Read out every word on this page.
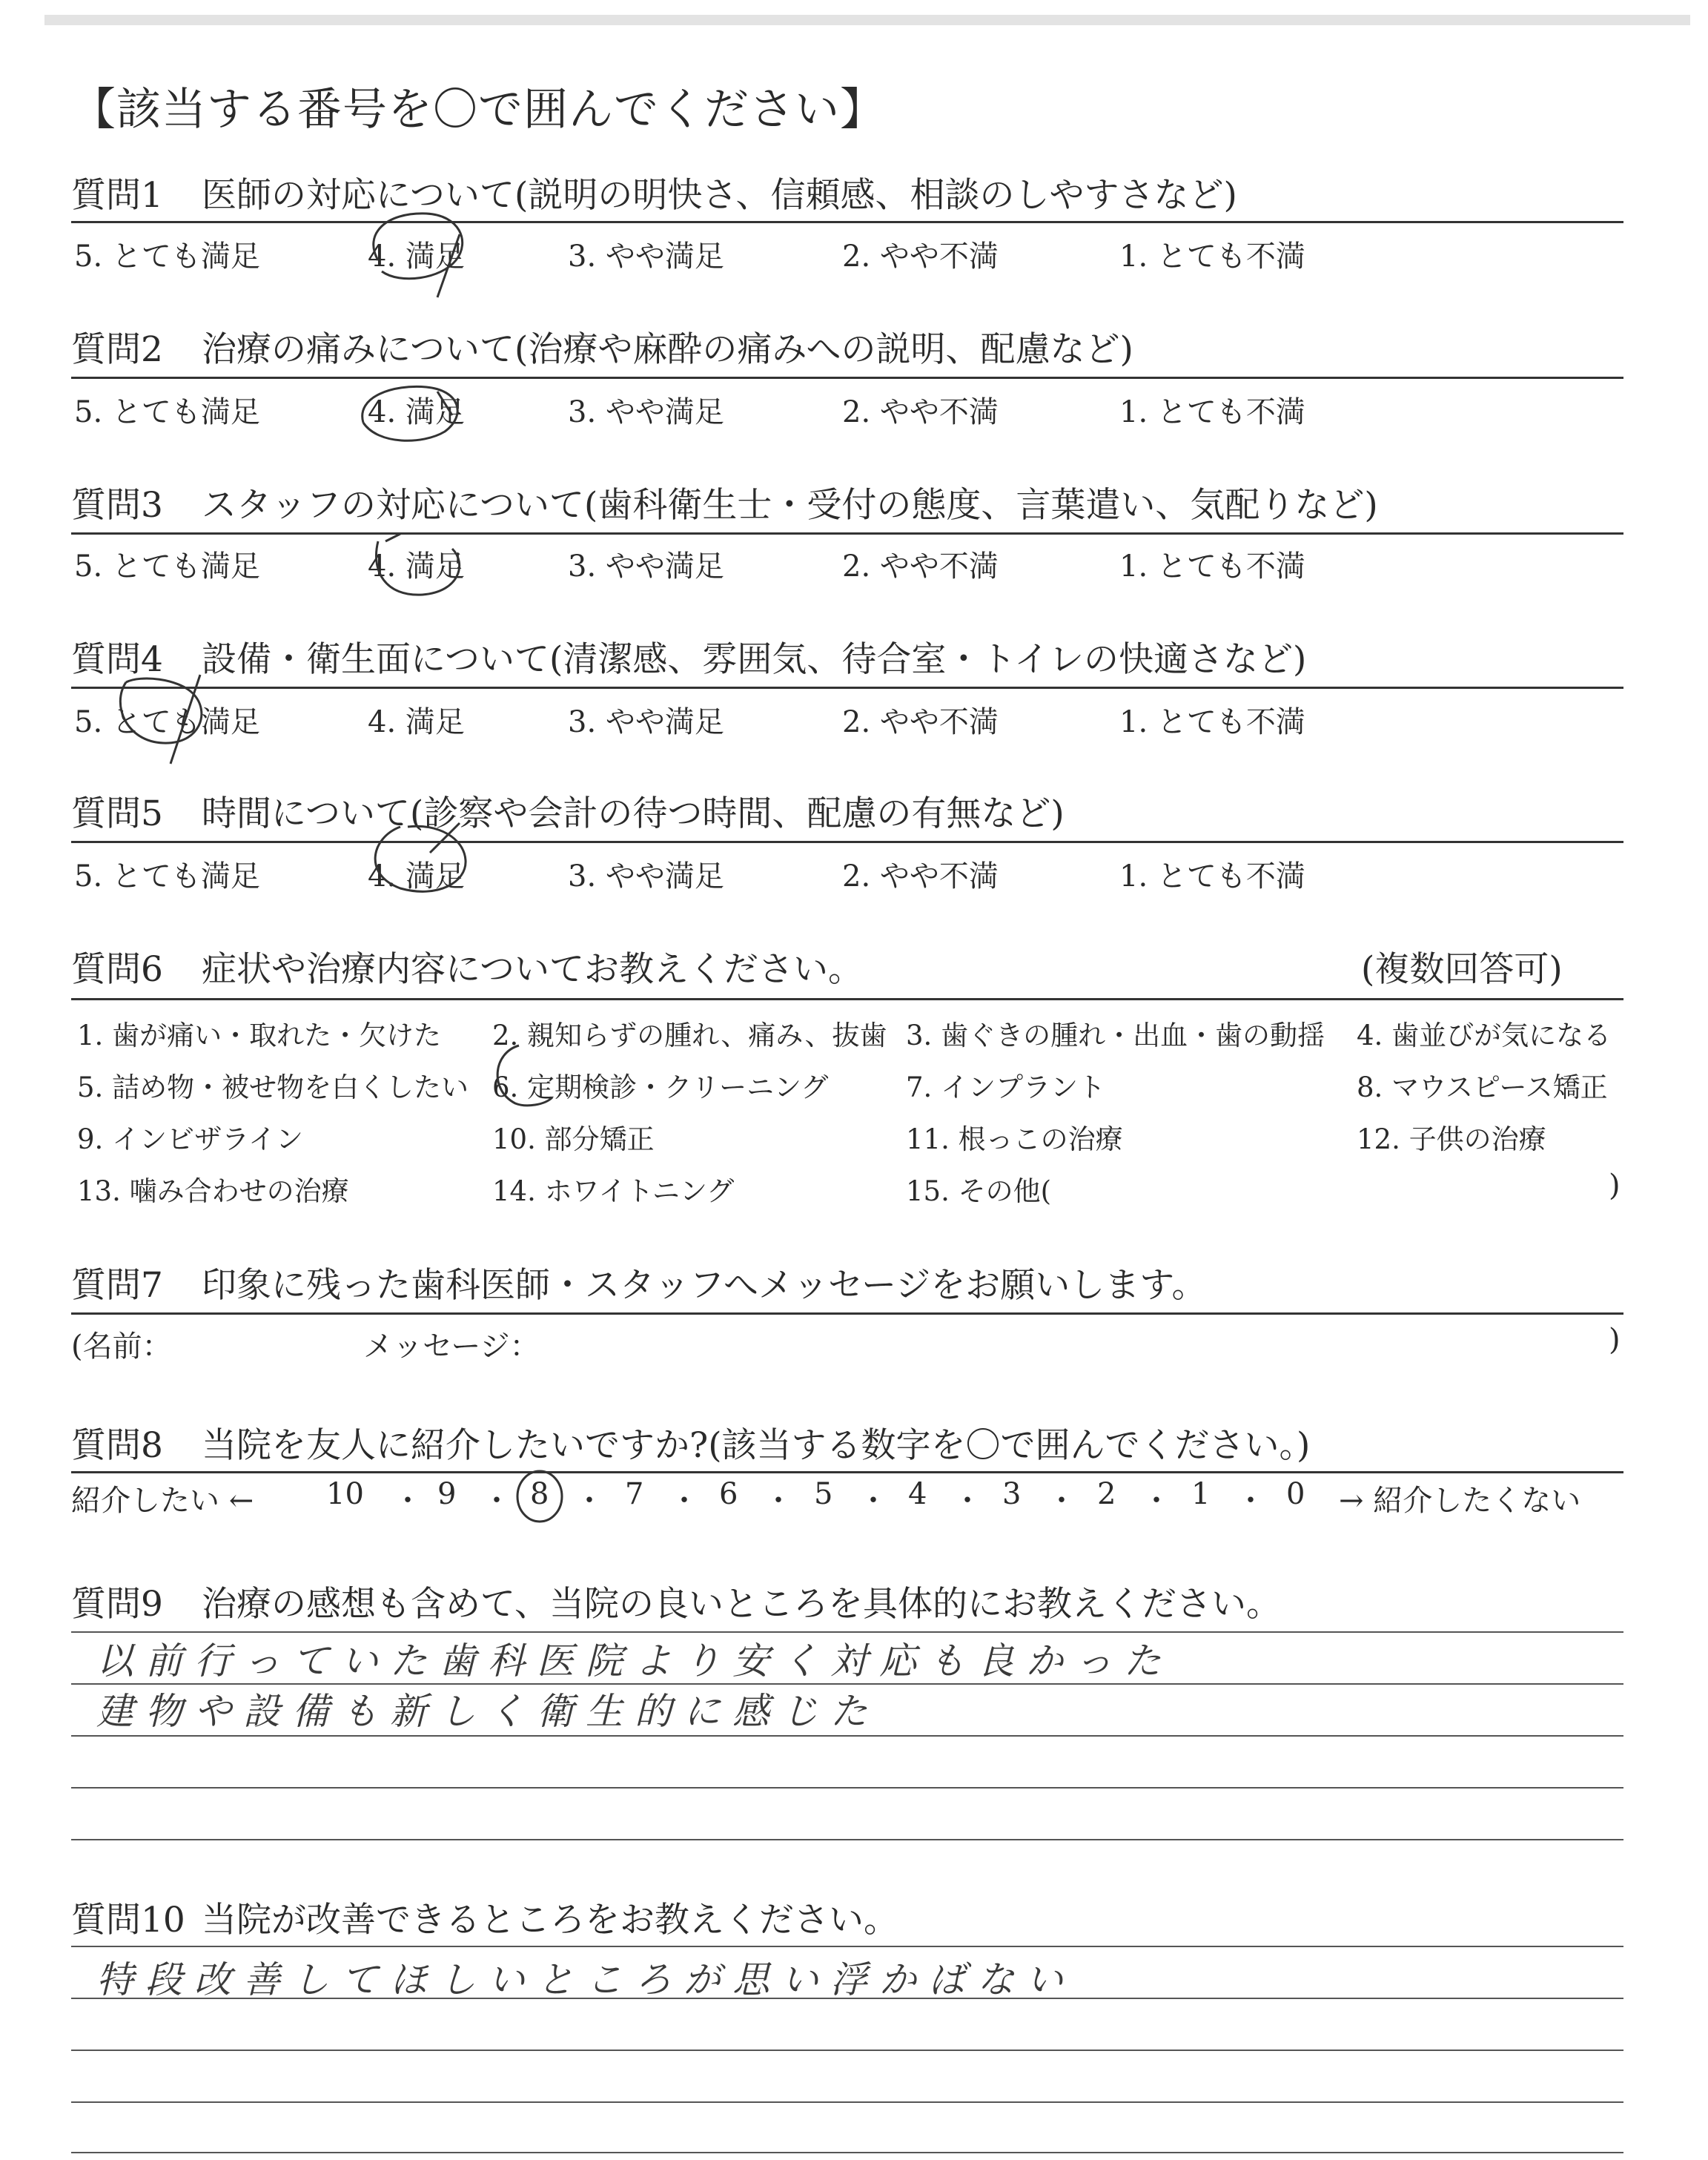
【該当する番号を〇で囲んでください】
質問1 医師の対応について(説明の明快さ、信頼感、相談のしやすさなど)
5. とても満足	4. 満足	3. やや満足	2. やや不満	1. とても不満
質問2 治療の痛みについて(治療や麻酔の痛みへの説明、配慮など)
5. とても満足	4. 満足	3. やや満足	2. やや不満	1. とても不満
質問3 スタッフの対応について(歯科衛生士・受付の態度、言葉遣い、気配りなど)
5. とても満足	4. 満足	3. やや満足	2. やや不満	1. とても不満
質問4 設備・衛生面について(清潔感、雰囲気、待合室・トイレの快適さなど)
5. とても満足	4. 満足	3. やや満足	2. やや不満	1. とても不満
質問5 時間について(診察や会計の待つ時間、配慮の有無など)
5. とても満足	4. 満足	3. やや満足	2. やや不満	1. とても不満
質問6 症状や治療内容についてお教えください。	(複数回答可)
1. 歯が痛い・取れた・欠けた 2. 親知らずの腫れ、痛み、抜歯 3. 歯ぐきの腫れ・出血・歯の動揺 4. 歯並びが気になる
5. 詰め物・被せ物を白くしたい 6. 定期検診・クリーニング	7. インプラント	8. マウスピース矯正
9. インビザライン	10. 部分矯正	11. 根っこの治療	12. 子供の治療
13. 噛み合わせの治療	14. ホワイトニング	15. その他(	)
質問7 印象に残った歯科医師・スタッフへメッセージをお願いします。
(名前：	メッセージ：	)
質問8 当院を友人に紹介したいですか?(該当する数字を〇で囲んでください。)
紹介したい ← 10 ・ 9 ・ 8 ・ 7 ・ 6 ・ 5 ・ 4 ・ 3 ・ 2 ・ 1 ・ 0 → 紹介したくない
質問9 治療の感想も含めて、当院の良いところを具体的にお教えください。
以前行っていた歯科医院より安く対応も良かった
建物や設備も新しく衛生的に感じた
質問10 当院が改善できるところをお教えください。
特段改善してほしいところが思い浮かばない
